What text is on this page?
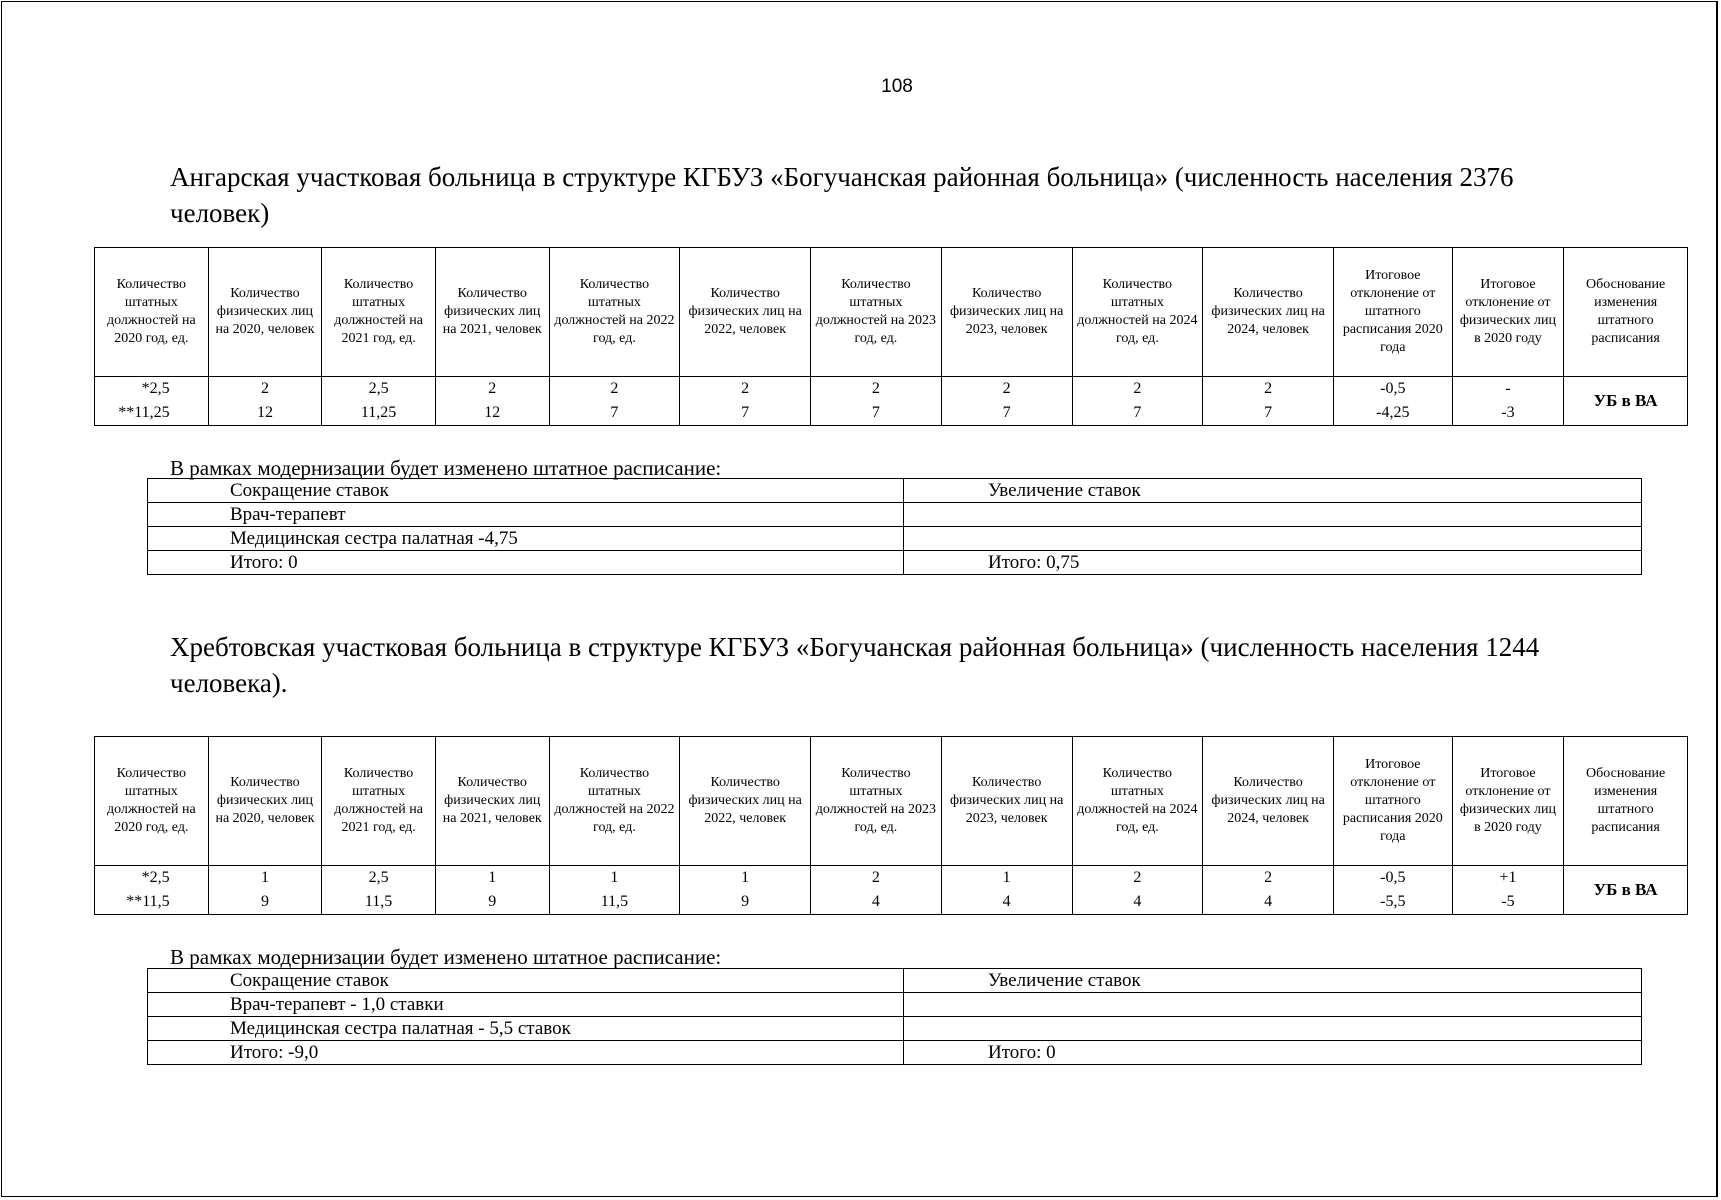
108
Ангарская участковая больница в структуре КГБУЗ «Богучанская районная больница» (численность населения 2376 человек)
Количество штатных должностей на 2020 год, ед.	Количество физических лиц на 2020, человек	Количество штатных должностей на 2021 год, ед.	Количество физических лиц на 2021, человек	Количество штатных должностей на 2022 год, ед.	Количество физических лиц на 2022, человек	Количество штатных должностей на 2023 год, ед.	Количество физических лиц на 2023, человек	Количество штатных должностей на 2024 год, ед.	Количество физических лиц на 2024, человек	Итоговое отклонение от штатного расписания 2020 года	Итоговое отклонение от физических лиц в 2020 году	Обоснование изменения штатного расписания
*2,5	2	2,5	2	2	2	2	2	2	2	-0,5	-	УБ в ВА
**11,25	12	11,25	12	7	7	7	7	7	7	-4,25	-3	
В рамках модернизации будет изменено штатное расписание:
Сокращение ставок	Увеличение ставок
Врач-терапевт	
Медицинская сестра палатная -4,75	
Итого: 0	Итого: 0,75
Хребтовская участковая больница в структуре КГБУЗ «Богучанская районная больница» (численность населения 1244 человека).
Количество штатных должностей на 2020 год, ед.	Количество физических лиц на 2020, человек	Количество штатных должностей на 2021 год, ед.	Количество физических лиц на 2021, человек	Количество штатных должностей на 2022 год, ед.	Количество физических лиц на 2022, человек	Количество штатных должностей на 2023 год, ед.	Количество физических лиц на 2023, человек	Количество штатных должностей на 2024 год, ед.	Количество физических лиц на 2024, человек	Итоговое отклонение от штатного расписания 2020 года	Итоговое отклонение от физических лиц в 2020 году	Обоснование изменения штатного расписания
*2,5	1	2,5	1	1	1	2	1	2	2	-0,5	+1	УБ в ВА
**11,5	9	11,5	9	11,5	9	4	4	4	4	-5,5	-5	
В рамках модернизации будет изменено штатное расписание:
Сокращение ставок	Увеличение ставок
Врач-терапевт - 1,0 ставки	
Медицинская сестра палатная - 5,5 ставок	
Итого: -9,0	Итого: 0
